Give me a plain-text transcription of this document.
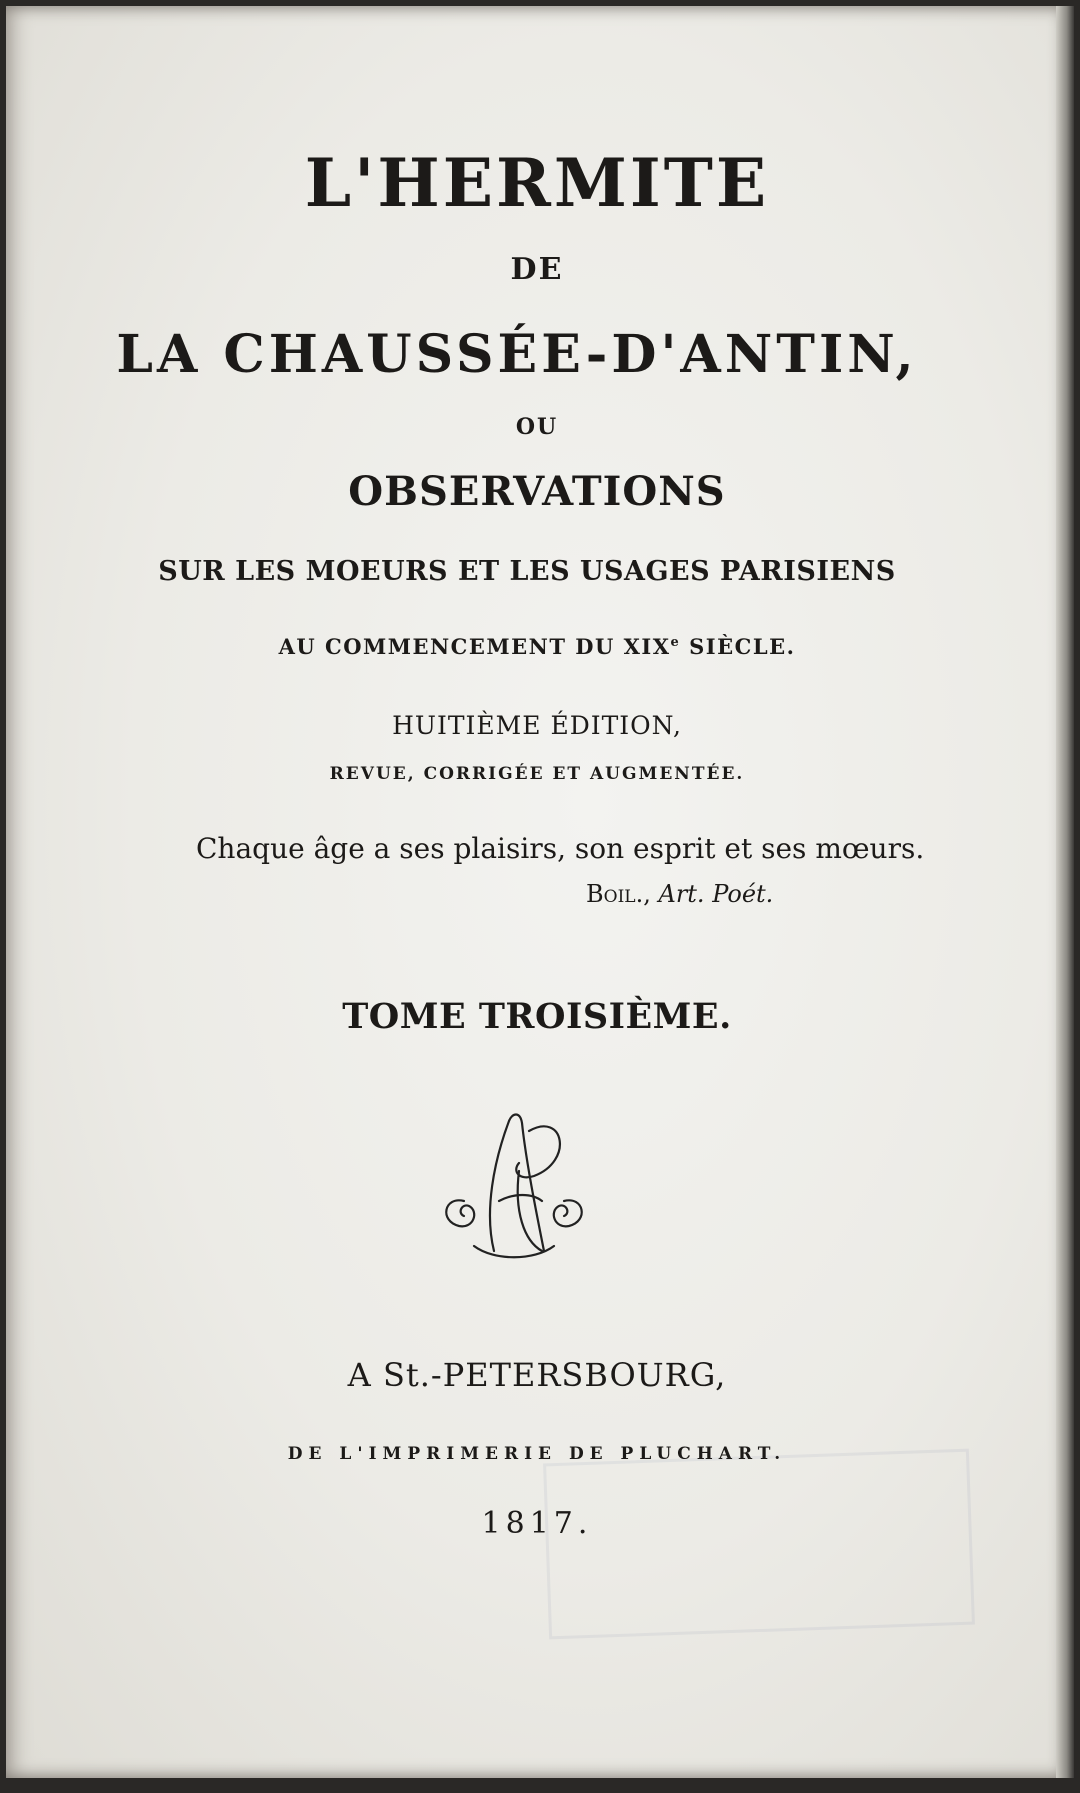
L'HERMITE
DE
LA CHAUSSÉE-D'ANTIN,
OU
OBSERVATIONS
SUR LES MOEURS ET LES USAGES PARISIENS
AU COMMENCEMENT DU XIXe SIÈCLE.
HUITIÈME ÉDITION,
REVUE, CORRIGÉE ET AUGMENTÉE.
Chaque âge a ses plaisirs, son esprit et ses mœurs.
Boil., Art. Poét.
TOME TROISIÈME.
A St.-PETERSBOURG,
DE L'IMPRIMERIE DE PLUCHART.
1817.
